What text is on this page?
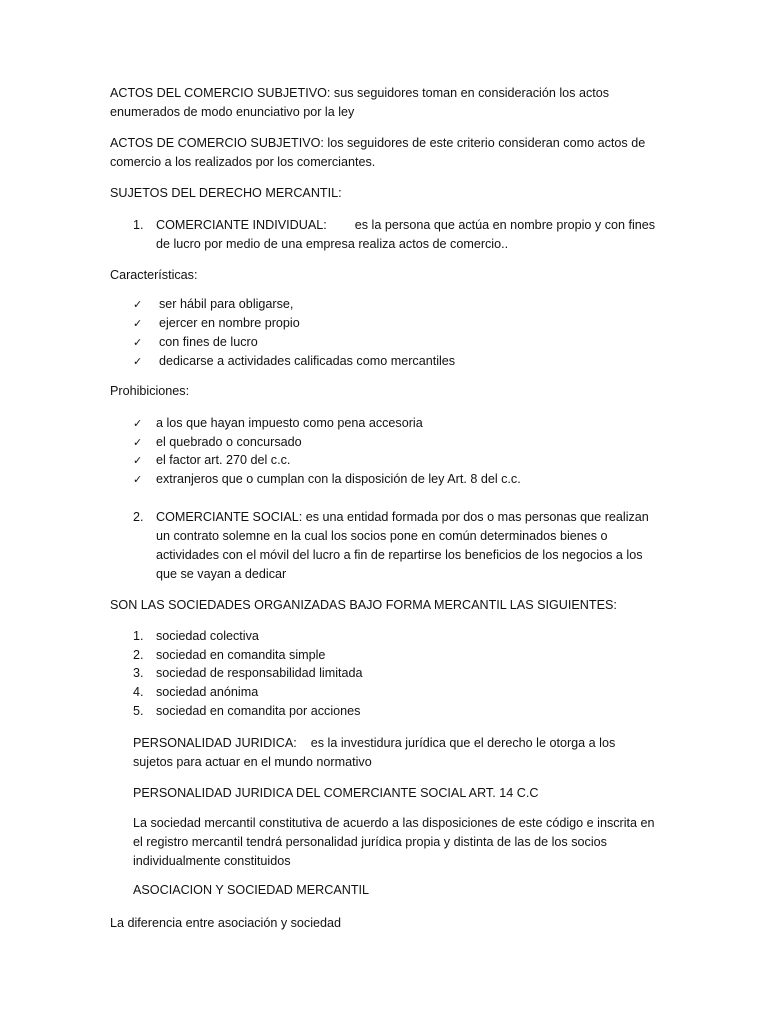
ACTOS DEL COMERCIO SUBJETIVO: sus seguidores toman en consideración los actos enumerados de modo enunciativo por la ley

ACTOS DE COMERCIO SUBJETIVO: los seguidores de este criterio consideran como actos de comercio a los realizados por los comerciantes.

SUJETOS DEL DERECHO MERCANTIL:

1. COMERCIANTE INDIVIDUAL: es la persona que actúa en nombre propio y con fines de lucro por medio de una empresa realiza actos de comercio..

Características:

✓	ser hábil para obligarse,

✓	ejercer en nombre propio

✓	con fines de lucro

✓	dedicarse a actividades calificadas como mercantiles

Prohibiciones:

✓	a los que hayan impuesto como pena accesoria

✓	el quebrado o concursado

✓	el factor art. 270 del c.c.

✓	extranjeros que o cumplan con la disposición de ley Art. 8 del c.c.

2. COMERCIANTE SOCIAL: es una entidad formada por dos o mas personas que realizan un contrato solemne en la cual los socios pone en común determinados bienes o actividades con el móvil del lucro a fin de repartirse los beneficios de los negocios a los que se vayan a dedicar

SON LAS SOCIEDADES ORGANIZADAS BAJO FORMA MERCANTIL LAS SIGUIENTES:

1. sociedad colectiva

2. sociedad en comandita simple

3. sociedad de responsabilidad limitada

4. sociedad anónima

5. sociedad en comandita por acciones

PERSONALIDAD JURIDICA: es la investidura jurídica que el derecho le otorga a los sujetos para actuar en el mundo normativo

PERSONALIDAD JURIDICA DEL COMERCIANTE SOCIAL ART. 14 C.C

La sociedad mercantil constitutiva de acuerdo a las disposiciones de este código e inscrita en el registro mercantil tendrá personalidad jurídica propia y distinta de las de los socios individualmente constituidos

ASOCIACION Y SOCIEDAD MERCANTIL

La diferencia entre asociación y sociedad
